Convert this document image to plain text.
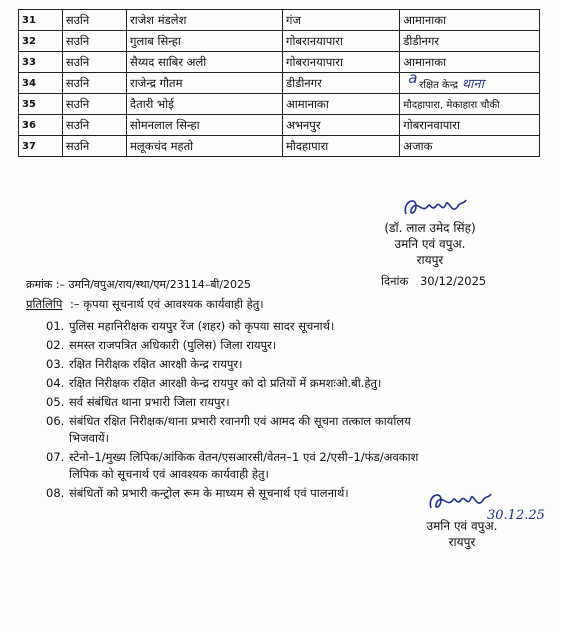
31	सउनि	राजेश मंडलेश	गंज	आमानाका
32	सउनि	गुलाब सिन्हा	गोबरानयापारा	डीडीनगर
33	सउनि	सैय्यद साबिर अली	गोबरानयापारा	आमानाका
34	सउनि	राजेन्द्र गौतम	डीडीनगर	a रक्षित केन्द्र थाना
35	सउनि	दैतारी भोई	आमानाका	मौदहापारा, मेकाहारा चौकी
36	सउनि	सोमनलाल सिन्हा	अभनपुर	गोबरानवापारा
37	सउनि	मलूकचंद महतो	मौदहापारा	अजाक
(डॉ. लाल उमेद सिंह)
उमनि एवं वपुअ.
रायपुर
क्रमांक :– उमनि/वपुअ/राय/स्था/एम/23114–बी/2025	दिनांक 30/12/2025
प्रतिलिपि :– कृपया सूचनार्थ एवं आवश्यक कार्यवाही हेतु।
01. पुलिस महानिरीक्षक रायपुर रेंज (शहर) को कृपया सादर सूचनार्थ।
02. समस्त राजपत्रित अधिकारी (पुलिस) जिला रायपुर।
03. रक्षित निरीक्षक रक्षित आरक्षी केन्द्र रायपुर।
04. रक्षित निरीक्षक रक्षित आरक्षी केन्द्र रायपुर को दो प्रतियों में क्रमशःओ.बी.हेतु।
05. सर्व संबंधित थाना प्रभारी जिला रायपुर।
06. संबंधित रक्षित निरीक्षक/थाना प्रभारी रवानगी एवं आमद की सूचना तत्काल कार्यालय
भिजवायें।
07. स्टेनो–1/मुख्य लिपिक/आंकिक वेतन/एसआरसी/वेतन–1 एवं 2/एसी–1/फंड/अवकाश
लिपिक को सूचनार्थ एवं आवश्यक कार्यवाही हेतु।
08. संबंधितों को प्रभारी कन्ट्रोल रूम के माध्यम से सूचनार्थ एवं पालनार्थ।
30.12.25
उमनि एवं वपुअ.
रायपुर
